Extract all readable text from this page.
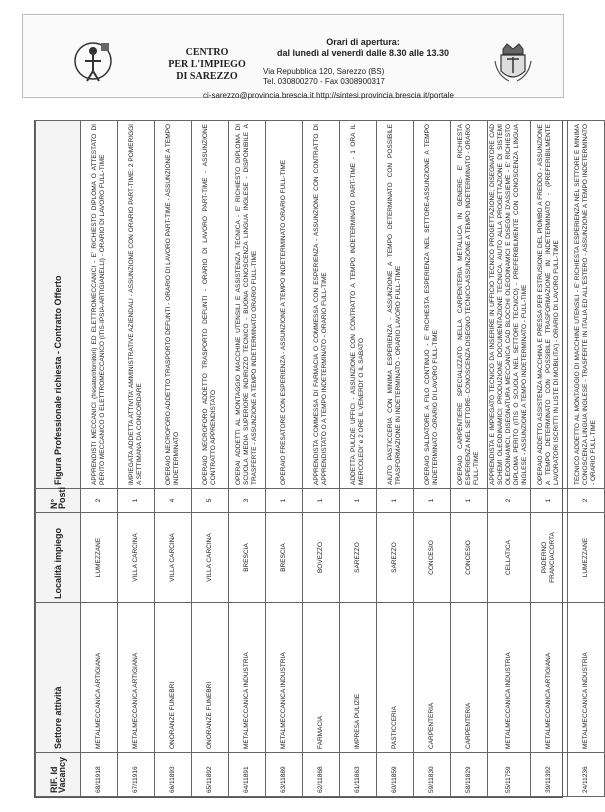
CENTRO
PER L'IMPIEGO
DI SAREZZO
Orari di apertura:
dal lunedì al venerdì dalle 8.30 alle 13.30
Via Repubblica 120, Sarezzo (BS)
Tel. 030800270 - Fax 0308900317
ci-sarezzo@provincia.brescia.it http://sintesi.provincia.brescia.it/portale
RIF. Id Vacancy	Settore attività	Località impiego	N° Posti	Figura Professionale richiesta - Contratto Offerto
68/11918	METALMECCANICA ARTIGIANA	LUMEZZANE	2	APPRENDISTI MECCANICI (fresatori/tornitori) ED ELETTROMECCANICI - E' RICHIESTO DIPLOMA O ATTESTATO DI PERITO MECCANICO O ELETTROMECCANICO (ITIS-IPSIA-ARTIGIANELLI) - ORARIO DI LAVORO FULL-TIME
67/11916	METALMECCANICA ARTIGIANA	VILLA CARCINA	1	IMPIEGATA ADDETTA ATTIVITA' AMMINISTRATIVE AZIENDALI - ASSUNZIONE CON ORARIO PART-TIME: 2 POMERIGGI A SETTIMANA DA CONCORDARE
66/11893	ONORANZE FUNEBRI	VILLA CARCINA	4	OPERAIO NECROFORO ADDETTO TRASPORTO DEFUNTI - ORARIO DI LAVORO PART-TIME - ASSUNZIONE A TEMPO INDETERMINATO
65/11892	ONORANZE FUNEBRI	VILLA CARCINA	5	OPERAIO NECROFORO ADDETTO TRASPORTO DEFUNTI - ORARIO DI LAVORO PART-TIME - ASSUNZIONE CONTRATTO APPRENDISTATO
64/11891	METALMECCANICA INDUSTRIA	BRESCIA	3	OPERAI ADDETTI AL MONTAGGIO MACCHINE UTENSILI E ASSISTENZA TECNICA - E' RICHIESTO DIPLOMA DI SCUOLA MEDIA SUPERIORE INDIRIZZO TECNICO - BUONA CONOSCENZA LINGUA INGLESE - DISPONIBILE A TRASFERTE - ASSUNZIONE A TEMPO INDETERMINATO ORARIO FULL-TIME
63/11889	METALMECCANICA INDUSTRIA	BRESCIA	1	OPERAIO FRESATORE CON ESPERIENZA - ASSUNZIONE A TEMPO INDETERMINATO ORARIO FULL-TIME
62/11868	FARMACIA	BOVEZZO	1	APPRENDISTA COMMESSA DI FARMACIA O COMMESSA CON ESPERIENZA - ASSUNZIONE CON CONTRATTO DI APPRENDISTATO O A TEMPO INDETERMINATO - ORARIO FULL-TIME
61/11863	IMPRESA PULIZIE	SAREZZO	1	ADDETTA PULIZIE UFFICI - ASSUNZIONE CON CONTRATTO A TEMPO INDETERMINATO PART-TIME - 1 ORA IL MERCOLEDI' e 2 ORE IL VENERDI' O IL SABATO
60/11859	PASTICCERIA	SAREZZO	1	AIUTO PASTICCERIA CON MINIMA ESPERIENZA - ASSUNZIONE A TEMPO DETERMINATO CON POSSIBILE TRASFORMAZIONE IN INDETERMINATO - ORARIO LAVORO FULL-TIME
59/11830	CARPENTERIA	CONCESIO	1	OPERAIO SALDATORE A FILO CONTINUO - E' RICHIESTA ESPERIENZA NEL SETTORE-ASSUNZIONE A TEMPO INDETERMINATO -ORARIO DI LAVORO FULL-TIME
58/11829	CARPENTERIA	CONCESIO	1	OPERAIO CARPENTIERE SPECIALIZZATO NELLA CARPENTERIA METALLICA IN GENERE- E' RICHIESTA ESPERIENZA NEL SETTORE- CONOSCENZA DISEGNO TECNICO-ASSUNZIONE A TEMPO INDETERMINATO - ORARIO FULL-TIME
55/11759	METALMECCANICA INDUSTRIA	CELLATICA	2	APPRENDISTA E IMPIEGATO TECNICO DA INSERIRE IN UFFICIO TECNICO PROGETTAZIONE; DISEGNATORE CAD SCHEMI OLEODINAMICI; PRODUZIONE DOCUMENTAZIONE TECNICA. AIUTO ALLA PROGETTAZIONE DI SISTEMI OLEODINAMICI, DISEGNATURA MECCANICA CAD BLOCCHI OLEODINAMICI E DISEGNI D'ASSIEME - E' RICHIESTO DIPLOMA PERITO (ITIS O SCUOLA NEL SETTORE TECNICO) - PREFERIBILMENTE CON CONOSCENZA LINGUA INGLESE - ASSUNZIONE A TEMPO INDETERMINATO - FULL-TIME
39/11392	METALMECCANICA ARTIGIANA	PADERNO FRANCIACORTA	1	OPERAIO ADDETTO ASSISTENZA MACCHINA E PRESSA PER ESTRUSIONE DEL PIOMBO A FREDDO - ASSUNZIONE A TEMPO DETERMINATO CON POSSIBILE TRASFORMAZIONE IN INDETERMINATO - (PREFERIBILMENTE LAVORATORI ISCRITTI IN LISTE DI MOBILITA') - ORARIO DI LAVORO FULL-TIME
24/11236	METALMECCANICA INDUSTRIA	LUMEZZANE	2	TECNICO ADDETTO AL MONTAGGIO DI MACCHINE UTENSILI - E' RICHIESTA ESPERIENZA NEL SETTORE E MINIMA CONOSCENZA LINGUA INGLESE - TRASFERTE IN ITALIA ED ALL'ESTERO - ASSUNZIONE A TEMPO INDETERMINATO - ORARIO FULL-TIME
